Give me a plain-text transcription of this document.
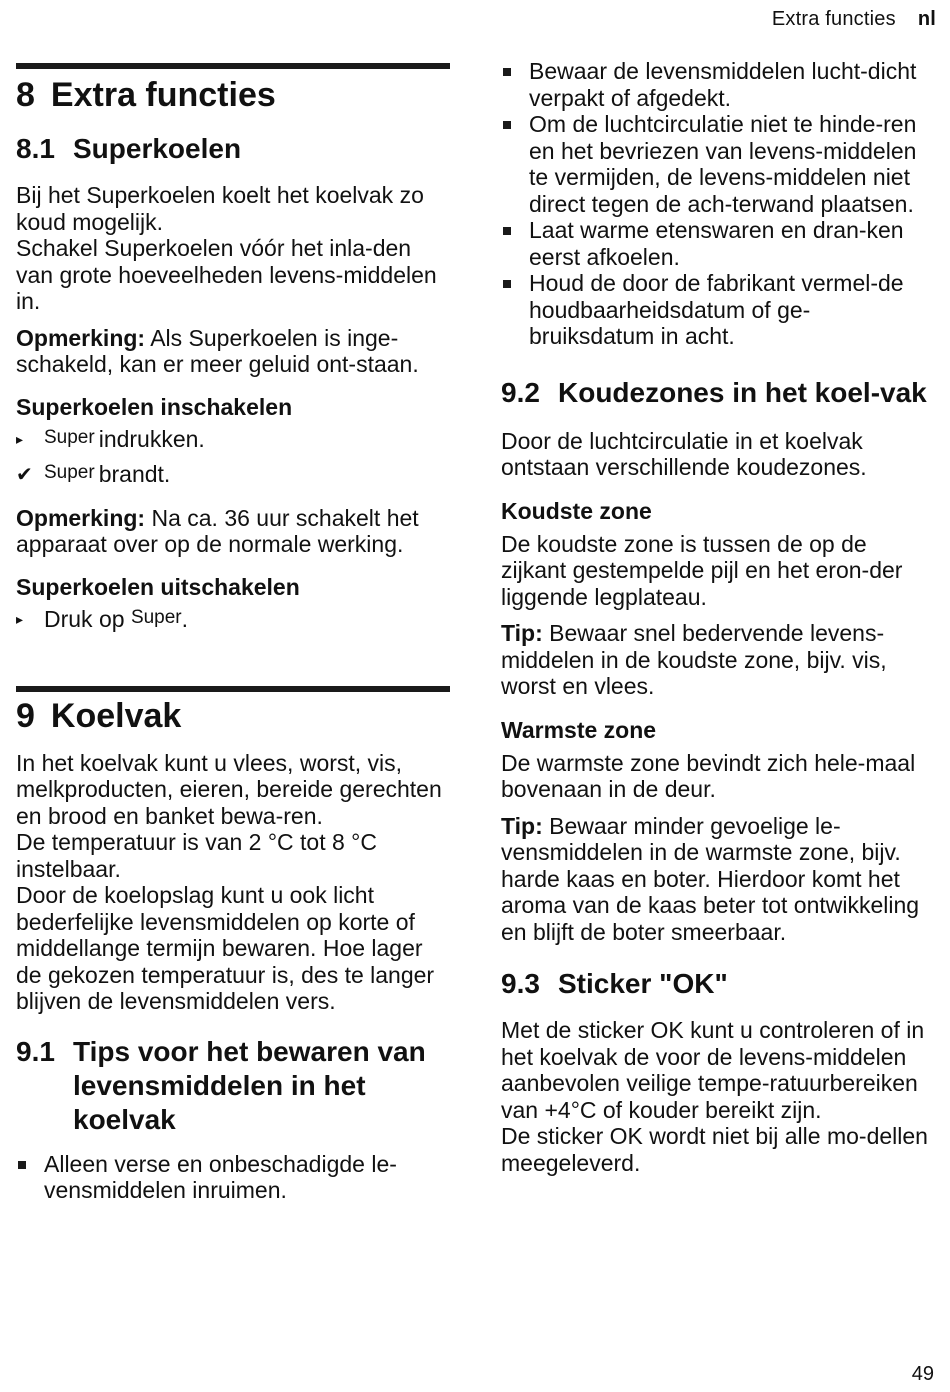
Extra functies nl
8 Extra functies
8.1 Superkoelen

Bij het Superkoelen koelt het koelvak zo koud mogelijk.

Schakel Superkoelen vóór het inla-den van grote hoeveelheden levens-middelen in.

Opmerking: Als Superkoelen is inge-schakeld, kan er meer geluid ont-staan.

Superkoelen inschakelen
▸ Super indrukken.
✔ Super brandt.

Opmerking: Na ca. 36 uur schakelt het apparaat over op de normale werking.

Superkoelen uitschakelen
▸ Druk op Super.
9 Koelvak

In het koelvak kunt u vlees, worst, vis, melkproducten, eieren, bereide gerechten en brood en banket bewa-ren.

De temperatuur is van 2 °C tot 8 °C instelbaar.

Door de koelopslag kunt u ook licht bederfelijke levensmiddelen op korte of middellange termijn bewaren. Hoe lager de gekozen temperatuur is, des te langer blijven de levensmiddelen vers.

9.1 Tips voor het bewaren van levensmiddelen in het koelvak
Alleen verse en onbeschadigde le-vensmiddelen inruimen.
Bewaar de levensmiddelen lucht-dicht verpakt of afgedekt.
Om de luchtcirculatie niet te hinde-ren en het bevriezen van levens-middelen te vermijden, de levens-middelen niet direct tegen de ach-terwand plaatsen.
Laat warme etenswaren en dran-ken eerst afkoelen.
Houd de door de fabrikant vermel-de houdbaarheidsdatum of ge-bruiksdatum in acht.
9.2 Koudezones in het koel-vak

Door de luchtcirculatie in et koelvak ontstaan verschillende koudezones.

Koudste zone

De koudste zone is tussen de op de zijkant gestempelde pijl en het eron-der liggende legplateau.

Tip: Bewaar snel bedervende levens-middelen in de koudste zone, bijv. vis, worst en vlees.

Warmste zone

De warmste zone bevindt zich hele-maal bovenaan in de deur.

Tip: Bewaar minder gevoelige le-vensmiddelen in de warmste zone, bijv. harde kaas en boter. Hierdoor komt het aroma van de kaas beter tot ontwikkeling en blijft de boter smeerbaar.

9.3 Sticker "OK"

Met de sticker OK kunt u controleren of in het koelvak de voor de levens-middelen aanbevolen veilige tempe-ratuurbereiken van +4°C of kouder bereikt zijn.

De sticker OK wordt niet bij alle mo-dellen meegeleverd.

49
